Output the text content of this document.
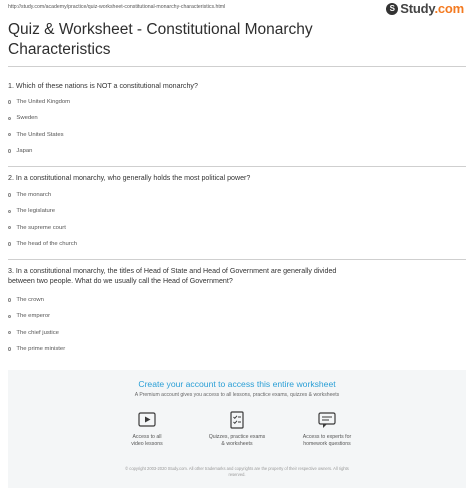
http://study.com/academy/practice/quiz-worksheet-constitutional-monarchy-characteristics.html	S Study.com
Quiz & Worksheet - Constitutional Monarchy
Characteristics
1. Which of these nations is NOT a constitutional monarchy?
The United Kingdom
Sweden
The United States
Japan
2. In a constitutional monarchy, who generally holds the most political power?
The monarch
The legislature
The supreme court
The head of the church
3. In a constitutional monarchy, the titles of Head of State and Head of Government are generally divided
between two people. What do we usually call the Head of Government?
The crown
The emperor
The chief justice
The prime minister
Create your account to access this entire worksheet
A Premium account gives you access to all lessons, practice exams, quizzes & worksheets
Access to all
video lessons
Quizzes, practice exams
& worksheets
Access to experts for
homework questions
© copyright 2003-2020 Study.com. All other trademarks and copyrights are the property of their respective owners. All rights
reserved.
